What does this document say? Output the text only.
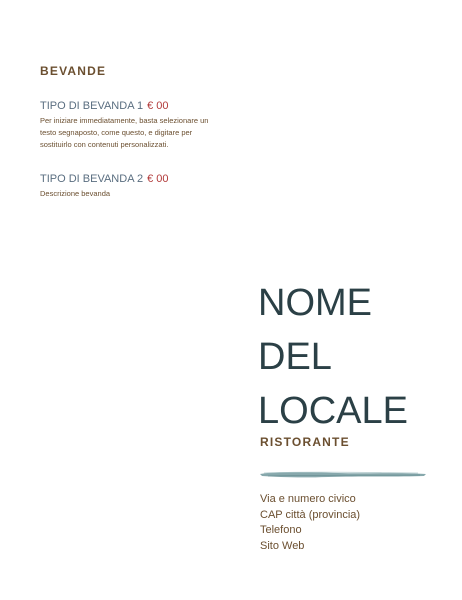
BEVANDE
TIPO DI BEVANDA 1 € 00
Per iniziare immediatamente, basta selezionare un testo segnaposto, come questo, e digitare per sostituirlo con contenuti personalizzati.
TIPO DI BEVANDA 2 € 00
Descrizione bevanda
NOME
DEL
LOCALE
RISTORANTE
Via e numero civico
CAP città (provincia)
Telefono
Sito Web
